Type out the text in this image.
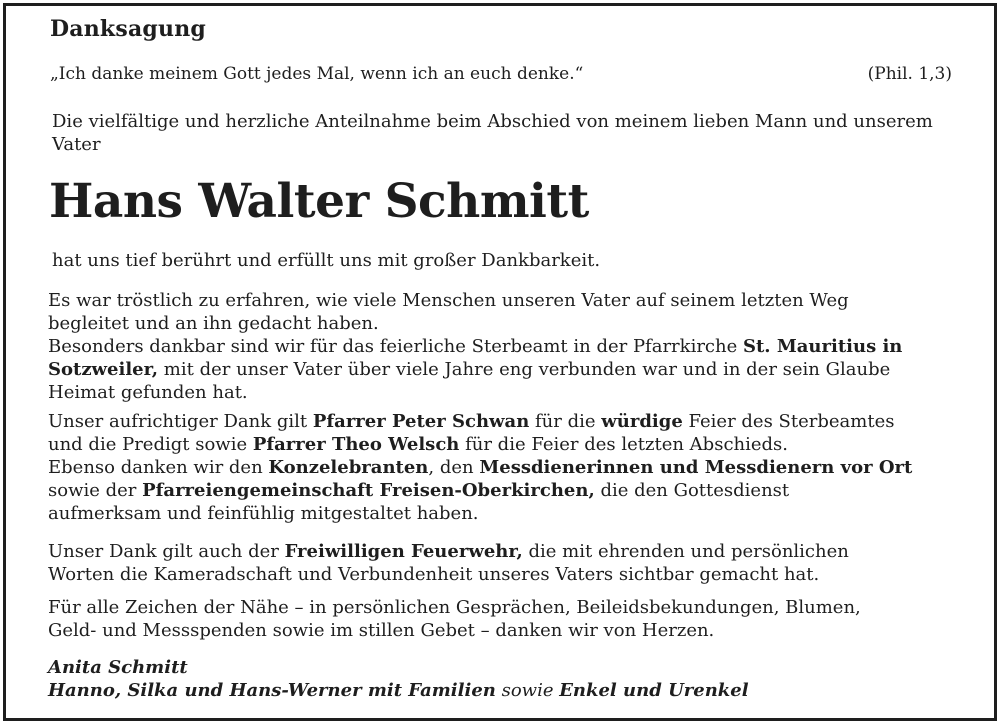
Danksagung
„Ich danke meinem Gott jedes Mal, wenn ich an euch denke.“	(Phil. 1,3)
Die vielfältige und herzliche Anteilnahme beim Abschied von meinem lieben Mann und unserem Vater
Hans Walter Schmitt
hat uns tief berührt und erfüllt uns mit großer Dankbarkeit.
Es war tröstlich zu erfahren, wie viele Menschen unseren Vater auf seinem letzten Weg
begleitet und an ihn gedacht haben.
Besonders dankbar sind wir für das feierliche Sterbeamt in der Pfarrkirche St. Mauritius in
Sotzweiler, mit der unser Vater über viele Jahre eng verbunden war und in der sein Glaube
Heimat gefunden hat.
Unser aufrichtiger Dank gilt Pfarrer Peter Schwan für die würdige Feier des Sterbeamtes
und die Predigt sowie Pfarrer Theo Welsch für die Feier des letzten Abschieds.
Ebenso danken wir den Konzelebranten, den Messdienerinnen und Messdienern vor Ort
sowie der Pfarreiengemeinschaft Freisen-Oberkirchen, die den Gottesdienst
aufmerksam und feinfühlig mitgestaltet haben.
Unser Dank gilt auch der Freiwilligen Feuerwehr, die mit ehrenden und persönlichen
Worten die Kameradschaft und Verbundenheit unseres Vaters sichtbar gemacht hat.
Für alle Zeichen der Nähe – in persönlichen Gesprächen, Beileidsbekundungen, Blumen,
Geld- und Messspenden sowie im stillen Gebet – danken wir von Herzen.
Anita Schmitt
Hanno, Silka und Hans-Werner mit Familien sowie Enkel und Urenkel
